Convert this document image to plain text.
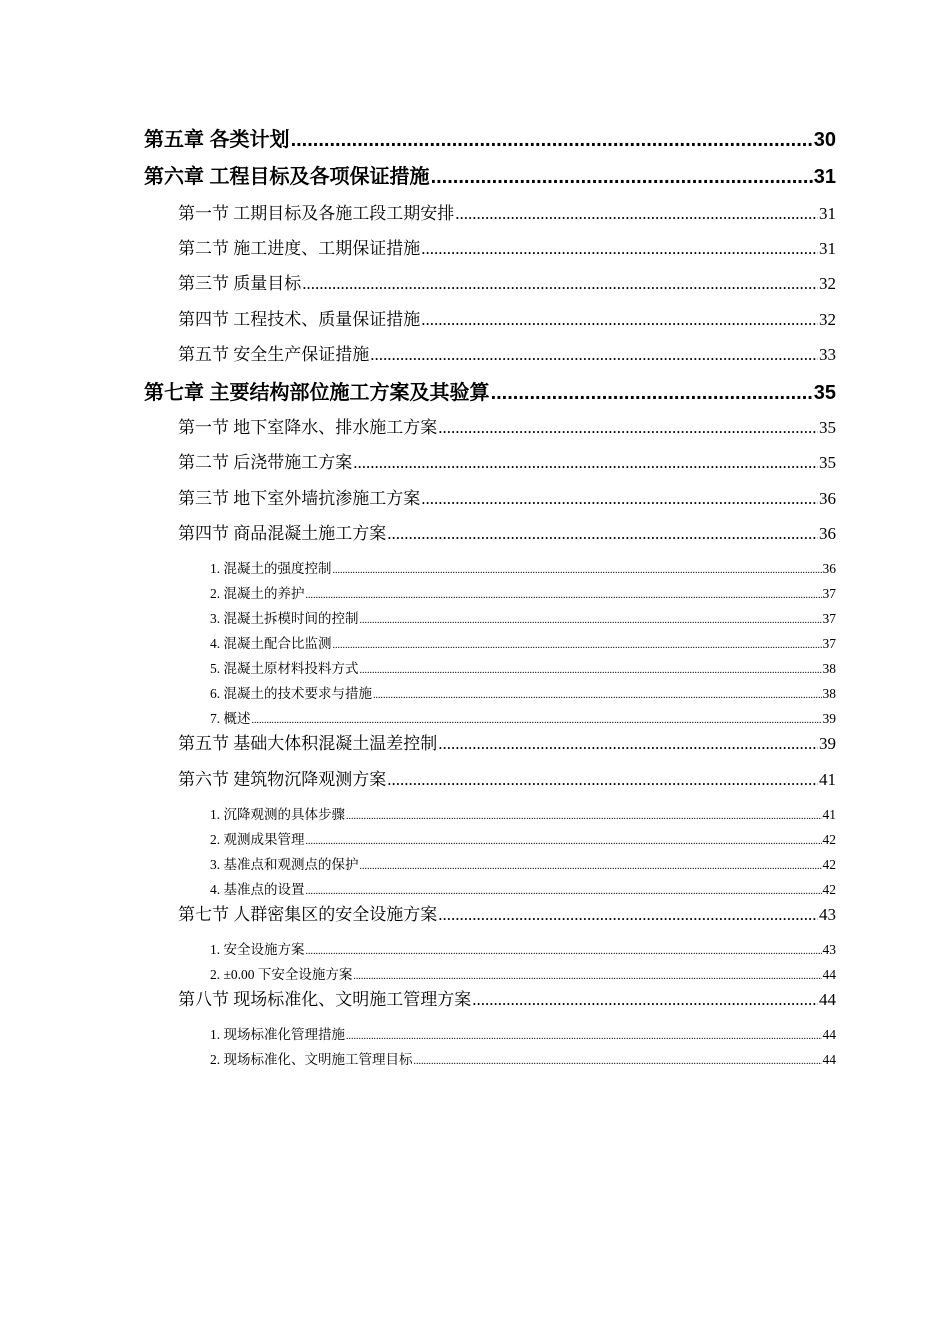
第五章 各类计划 .....	30
第六章 工程目标及各项保证措施 .....	31
第一节 工期目标及各施工段工期安排 .....	31
第二节 施工进度、工期保证措施 .....	31
第三节 质量目标 .....	32
第四节 工程技术、质量保证措施 .....	32
第五节 安全生产保证措施 .....	33
第七章 主要结构部位施工方案及其验算 .....	35
第一节 地下室降水、排水施工方案 .....	35
第二节 后浇带施工方案 .....	35
第三节 地下室外墙抗渗施工方案 .....	36
第四节 商品混凝土施工方案 .....	36
1. 混凝土的强度控制 .....	36
2. 混凝土的养护 .....	37
3. 混凝土拆模时间的控制 .....	37
4. 混凝土配合比监测 .....	37
5. 混凝土原材料投料方式 .....	38
6. 混凝土的技术要求与措施 .....	38
7. 概述 .....	39
第五节 基础大体积混凝土温差控制 .....	39
第六节 建筑物沉降观测方案 .....	41
1. 沉降观测的具体步骤 .....	41
2. 观测成果管理 .....	42
3. 基准点和观测点的保护 .....	42
4. 基准点的设置 .....	42
第七节 人群密集区的安全设施方案 .....	43
1. 安全设施方案 .....	43
2. ±0.00 下安全设施方案 .....	44
第八节 现场标准化、文明施工管理方案 .....	44
1. 现场标准化管理措施 .....	44
2. 现场标准化、文明施工管理目标 .....	44
